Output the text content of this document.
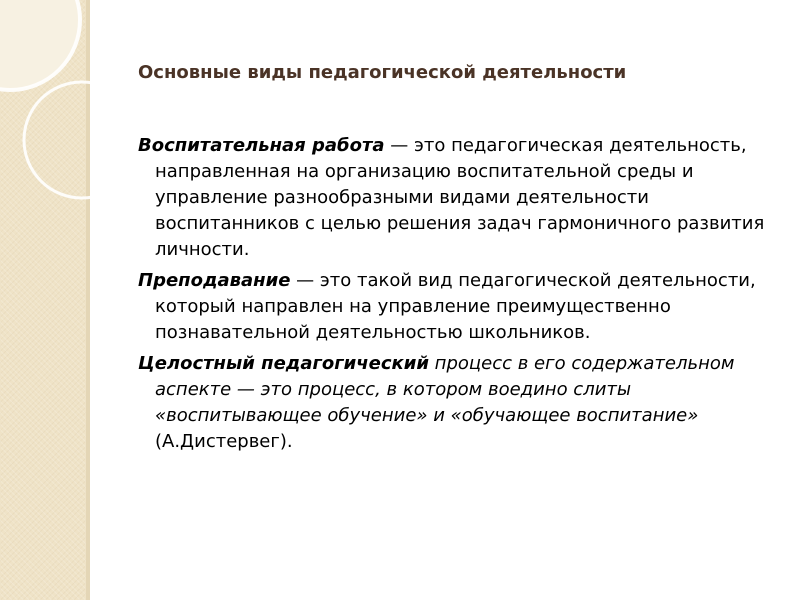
Основные виды педагогической деятельности

Воспитательная работа — это педагогическая деятельность, направленная на организацию воспитательной среды и управление разнообразными видами деятельности воспитанников с целью решения задач гармоничного развития личности.

Преподавание — это такой вид педагогической деятельности, который направлен на управление преимущественно познавательной деятельностью школьников.

Целостный педагогический процесс в его содержательном аспекте — это процесс, в котором воедино слиты «воспитывающее обучение» и «обучающее воспитание» (А.Дистервег).
